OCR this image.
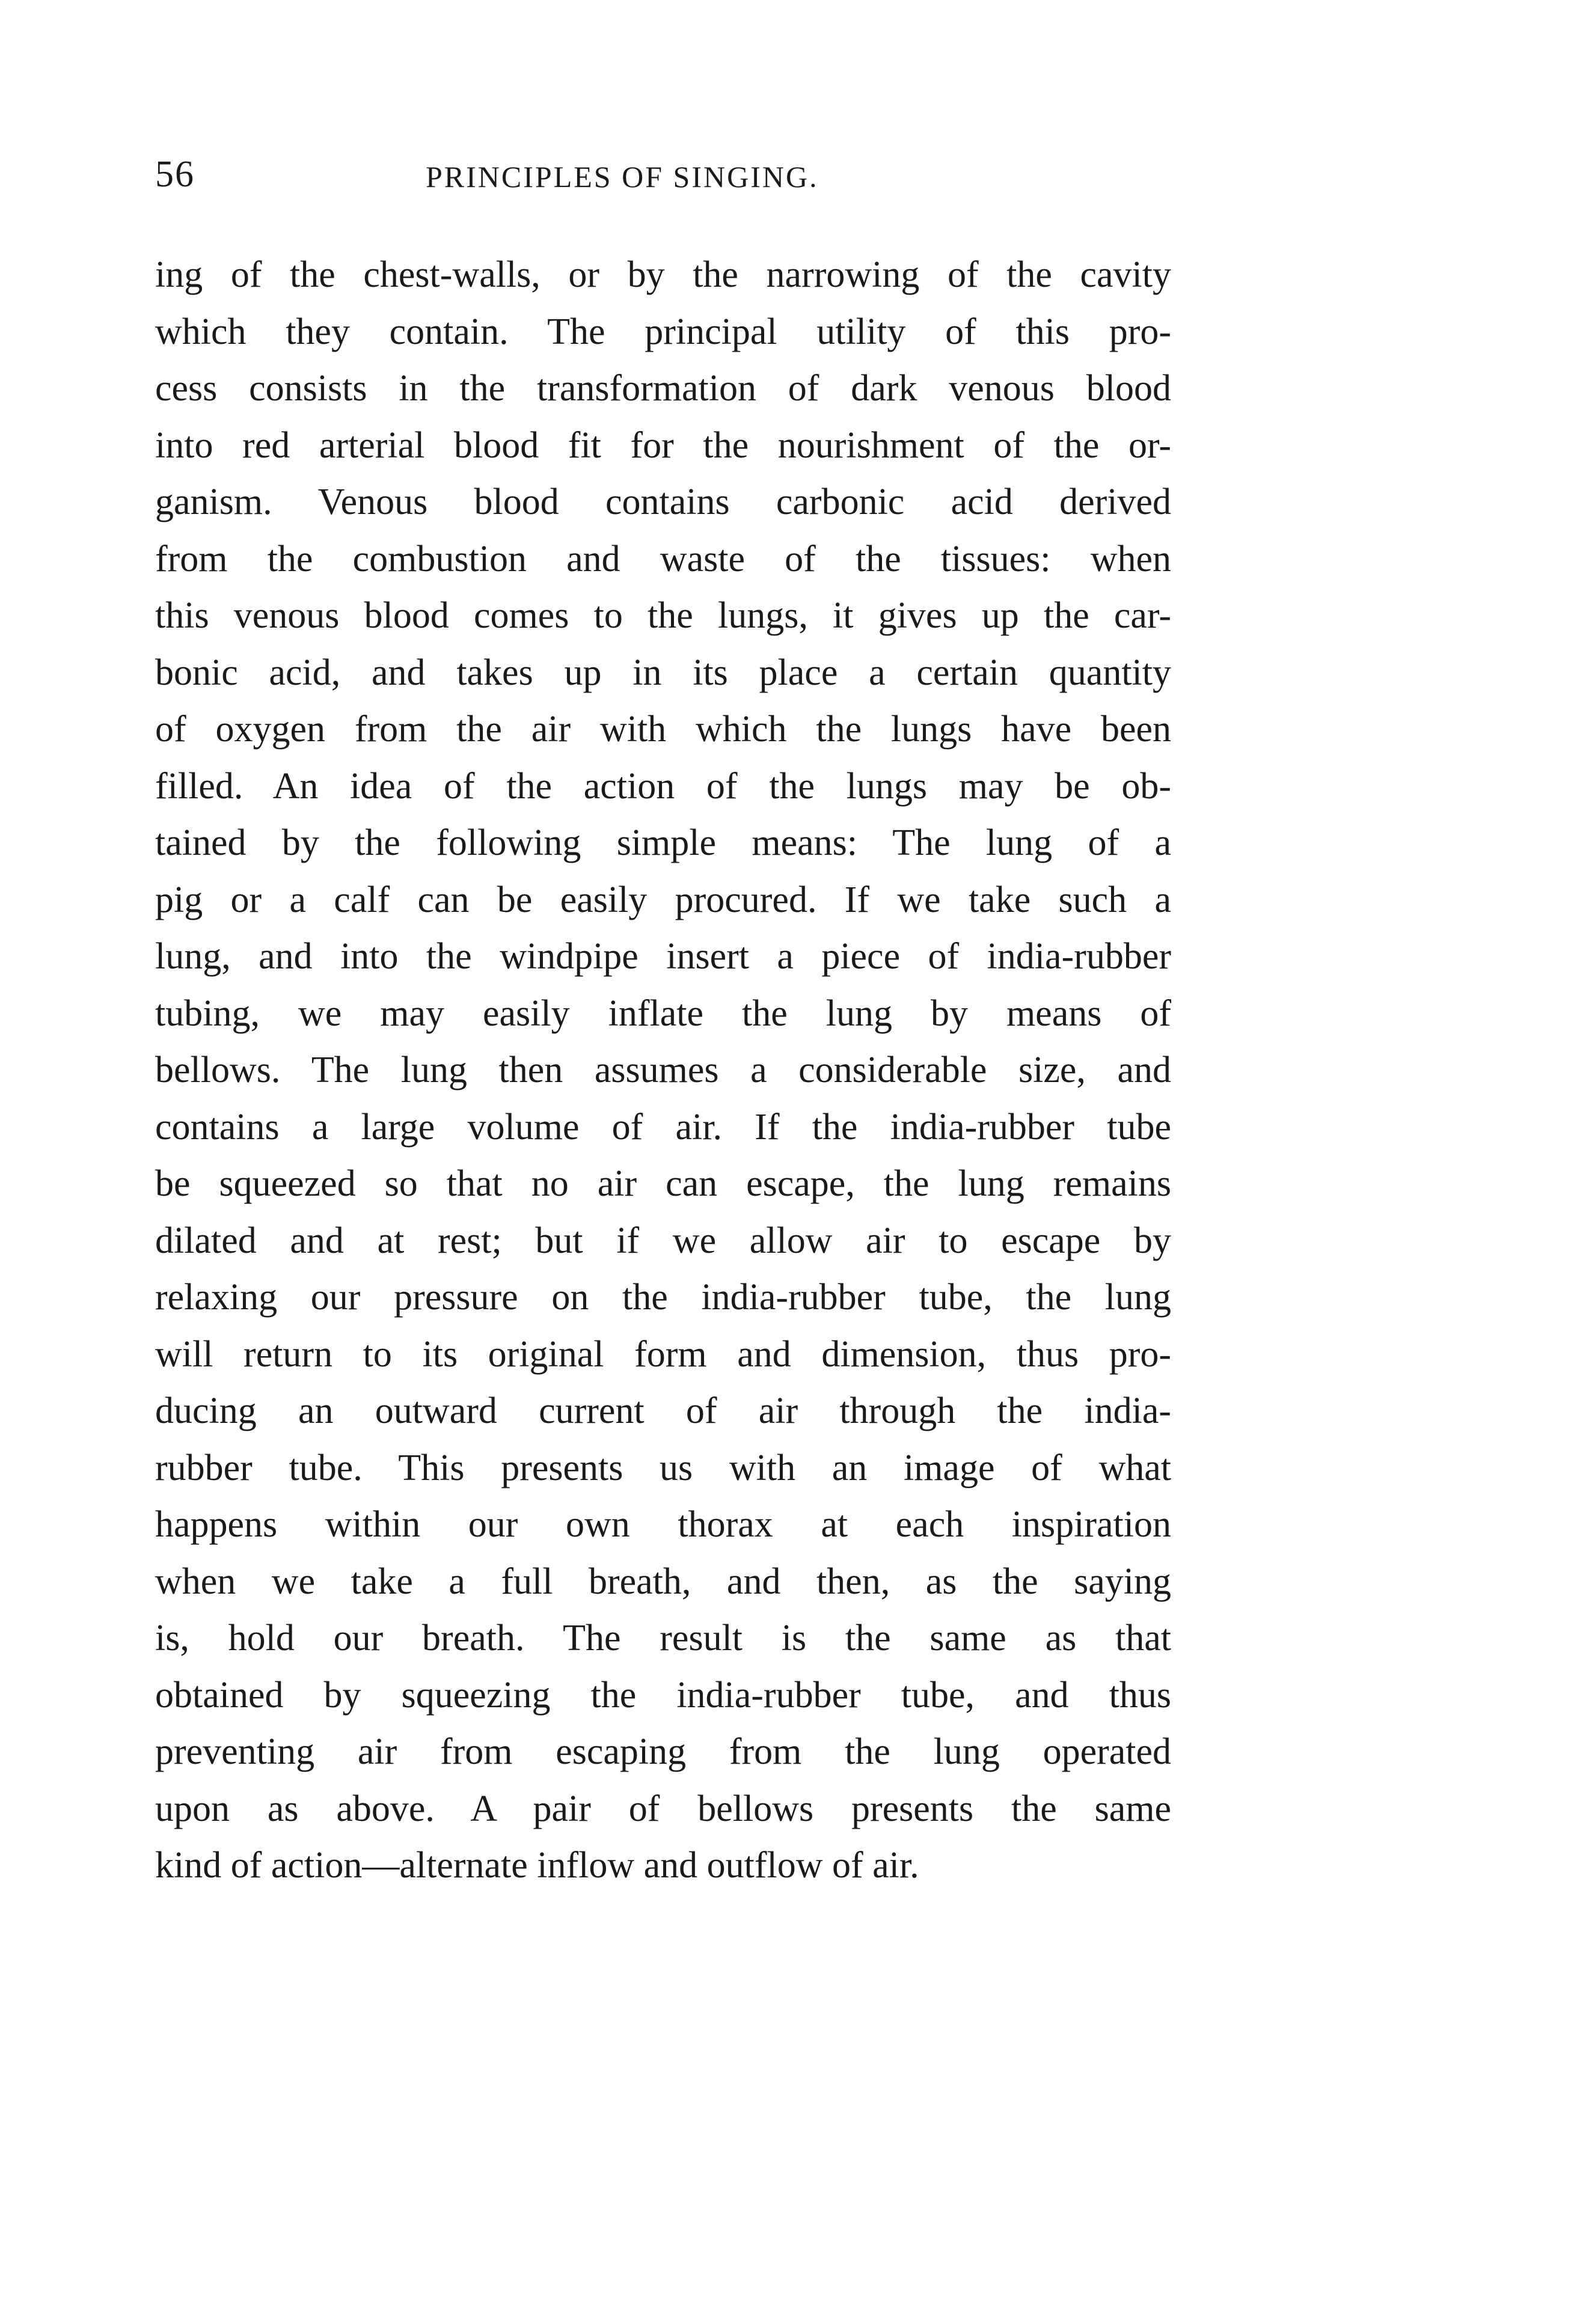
56	PRINCIPLES OF SINGING.
ing of the chest-walls, or by the narrowing of the cavity
which they contain. The principal utility of this pro-
cess consists in the transformation of dark venous blood
into red arterial blood fit for the nourishment of the or-
ganism. Venous blood contains carbonic acid derived
from the combustion and waste of the tissues: when
this venous blood comes to the lungs, it gives up the car-
bonic acid, and takes up in its place a certain quantity
of oxygen from the air with which the lungs have been
filled. An idea of the action of the lungs may be ob-
tained by the following simple means: The lung of a
pig or a calf can be easily procured. If we take such a
lung, and into the windpipe insert a piece of india-rubber
tubing, we may easily inflate the lung by means of
bellows. The lung then assumes a considerable size, and
contains a large volume of air. If the india-rubber tube
be squeezed so that no air can escape, the lung remains
dilated and at rest; but if we allow air to escape by
relaxing our pressure on the india-rubber tube, the lung
will return to its original form and dimension, thus pro-
ducing an outward current of air through the india-
rubber tube. This presents us with an image of what
happens within our own thorax at each inspiration
when we take a full breath, and then, as the saying
is, hold our breath. The result is the same as that
obtained by squeezing the india-rubber tube, and thus
preventing air from escaping from the lung operated
upon as above. A pair of bellows presents the same
kind of action—alternate inflow and outflow of air.
